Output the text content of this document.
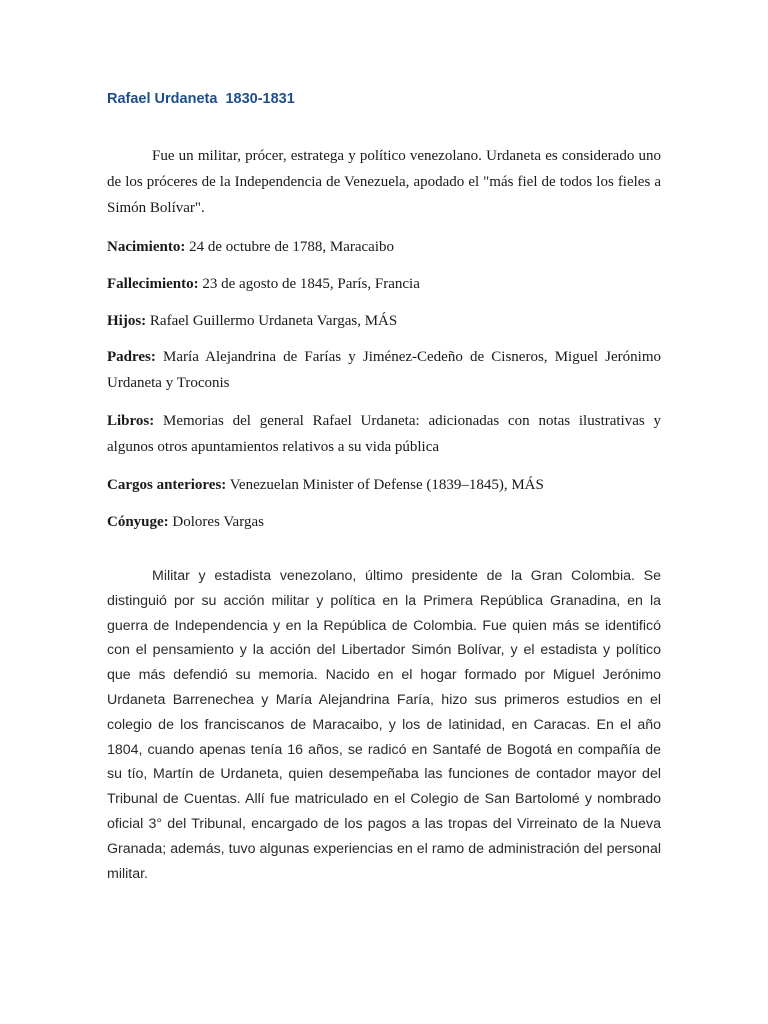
Rafael Urdaneta  1830-1831

Fue un militar, prócer, estratega y político venezolano. Urdaneta es considerado uno de los próceres de la Independencia de Venezuela, apodado el "más fiel de todos los fieles a Simón Bolívar".

Nacimiento: 24 de octubre de 1788, Maracaibo

Fallecimiento: 23 de agosto de 1845, París, Francia

Hijos: Rafael Guillermo Urdaneta Vargas, MÁS

Padres: María Alejandrina de Farías y Jiménez-Cedeño de Cisneros, Miguel Jerónimo Urdaneta y Troconis

Libros: Memorias del general Rafael Urdaneta: adicionadas con notas ilustrativas y algunos otros apuntamientos relativos a su vida pública

Cargos anteriores: Venezuelan Minister of Defense (1839–1845), MÁS

Cónyuge: Dolores Vargas

Militar y estadista venezolano, último presidente de la Gran Colombia. Se distinguió por su acción militar y política en la Primera República Granadina, en la guerra de Independencia y en la República de Colombia. Fue quien más se identificó con el pensamiento y la acción del Libertador Simón Bolívar, y el estadista y político que más defendió su memoria. Nacido en el hogar formado por Miguel Jerónimo Urdaneta Barrenechea y María Alejandrina Faría, hizo sus primeros estudios en el colegio de los franciscanos de Maracaibo, y los de latinidad, en Caracas. En el año 1804, cuando apenas tenía 16 años, se radicó en Santafé de Bogotá en compañía de su tío, Martín de Urdaneta, quien desempeñaba las funciones de contador mayor del Tribunal de Cuentas. Allí fue matriculado en el Colegio de San Bartolomé y nombrado oficial 3° del Tribunal, encargado de los pagos a las tropas del Virreinato de la Nueva Granada; además, tuvo algunas experiencias en el ramo de administración del personal militar.
